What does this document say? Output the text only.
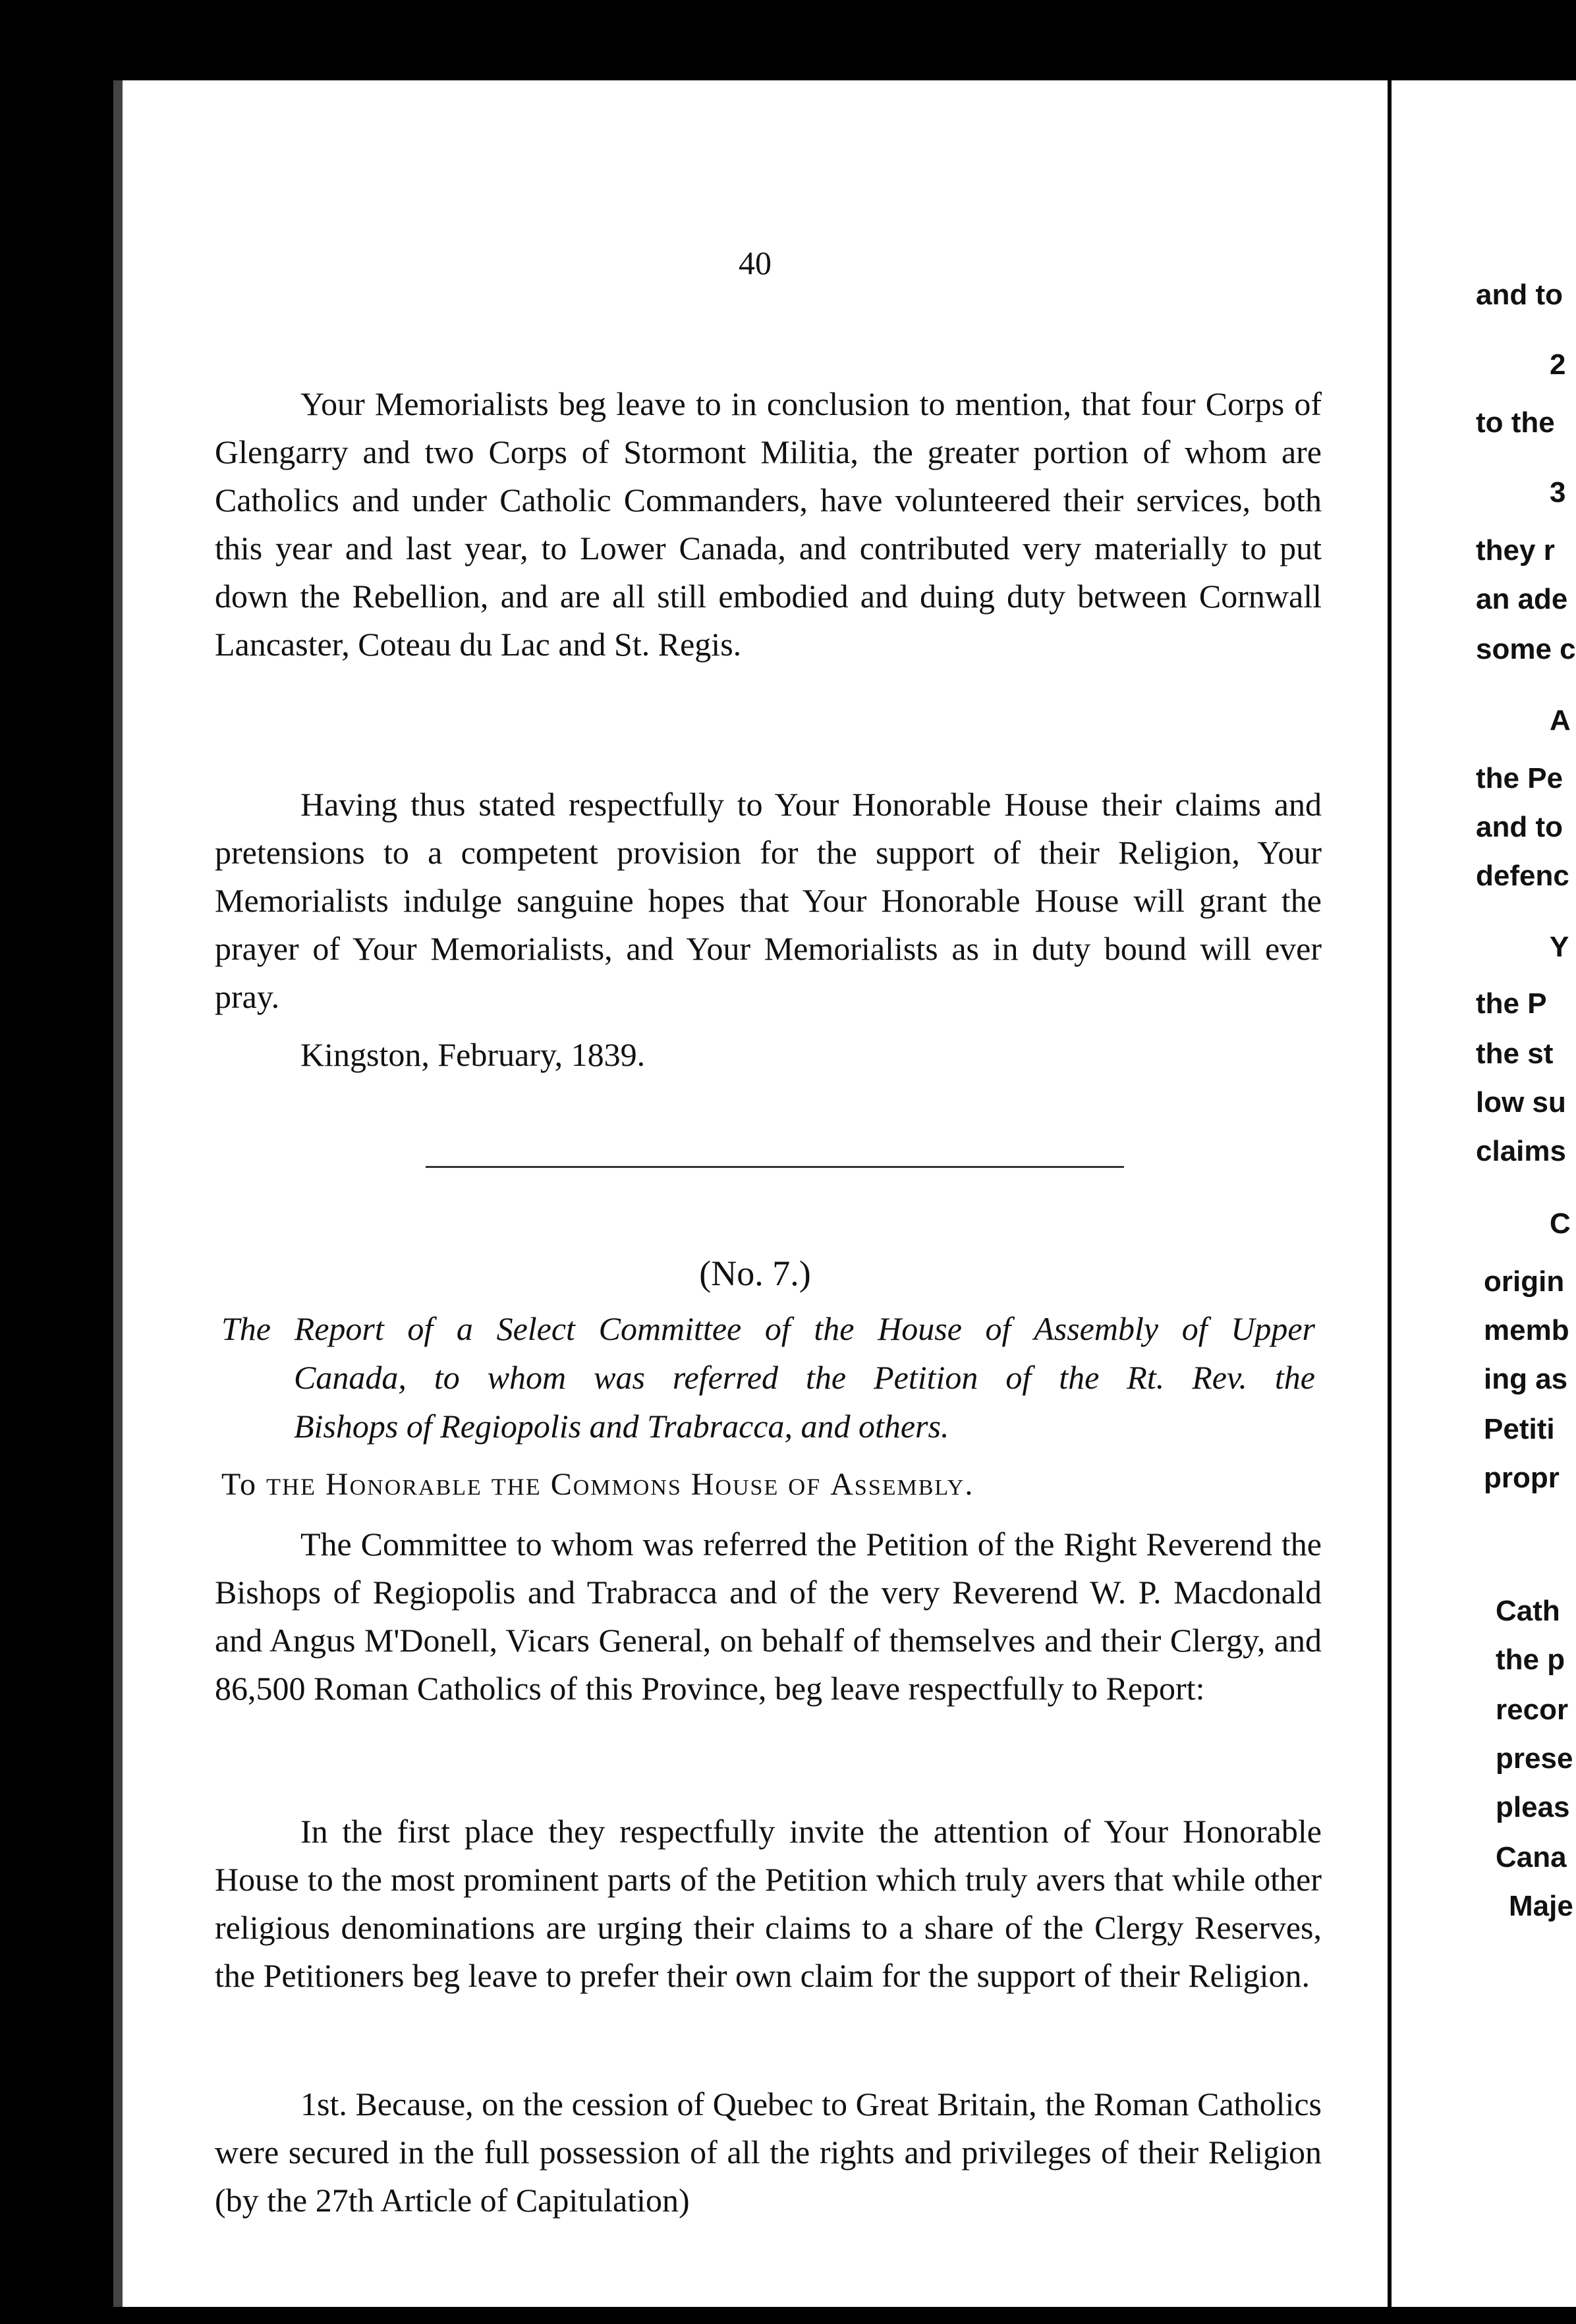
40

Your Memorialists beg leave to in conclusion to mention, that four Corps of Glengarry and two Corps of Stormont Militia, the greater portion of whom are Catholics and under Catholic Commanders, have volunteered their services, both this year and last year, to Lower Canada, and contributed very materially to put down the Rebellion, and are all still embodied and duing duty between Cornwall Lancaster, Coteau du Lac and St. Regis.

Having thus stated respectfully to Your Honorable House their claims and pretensions to a competent provision for the support of their Religion, Your Memorialists indulge sanguine hopes that Your Honorable House will grant the prayer of Your Memorialists, and Your Memorialists as in duty bound will ever pray.

Kingston, February, 1839.
(No. 7.)
The Report of a Select Committee of the House of Assembly of Upper
Canada, to whom was referred the Petition of the Rt. Rev. the
Bishops of Regiopolis and Trabracca, and others.
To THE Honorable THE Commons House OF Assembly.

The Committee to whom was referred the Petition of the Right Reverend the Bishops of Regiopolis and Trabracca and of the very Reverend W. P. Macdonald and Angus M'Donell, Vicars General, on behalf of themselves and their Clergy, and 86,500 Roman Catholics of this Province, beg leave respectfully to Report:

In the first place they respectfully invite the attention of Your Honorable House to the most prominent parts of the Petition which truly avers that while other religious denominations are urging their claims to a share of the Clergy Reserves, the Petitioners beg leave to prefer their own claim for the support of their Religion.

1st. Because, on the cession of Quebec to Great Britain, the Roman Catholics were secured in the full possession of all the rights and privileges of their Religion (by the 27th Article of Capitulation)

and to
2
to the
3
they r
an ade
some c
A
the Pe
and to
defenc
Y
the P
the st
low su
claims
C
origin
memb
ing as
Petiti
propr
Cath
the p
recor
prese
pleas
Cana
Maje
